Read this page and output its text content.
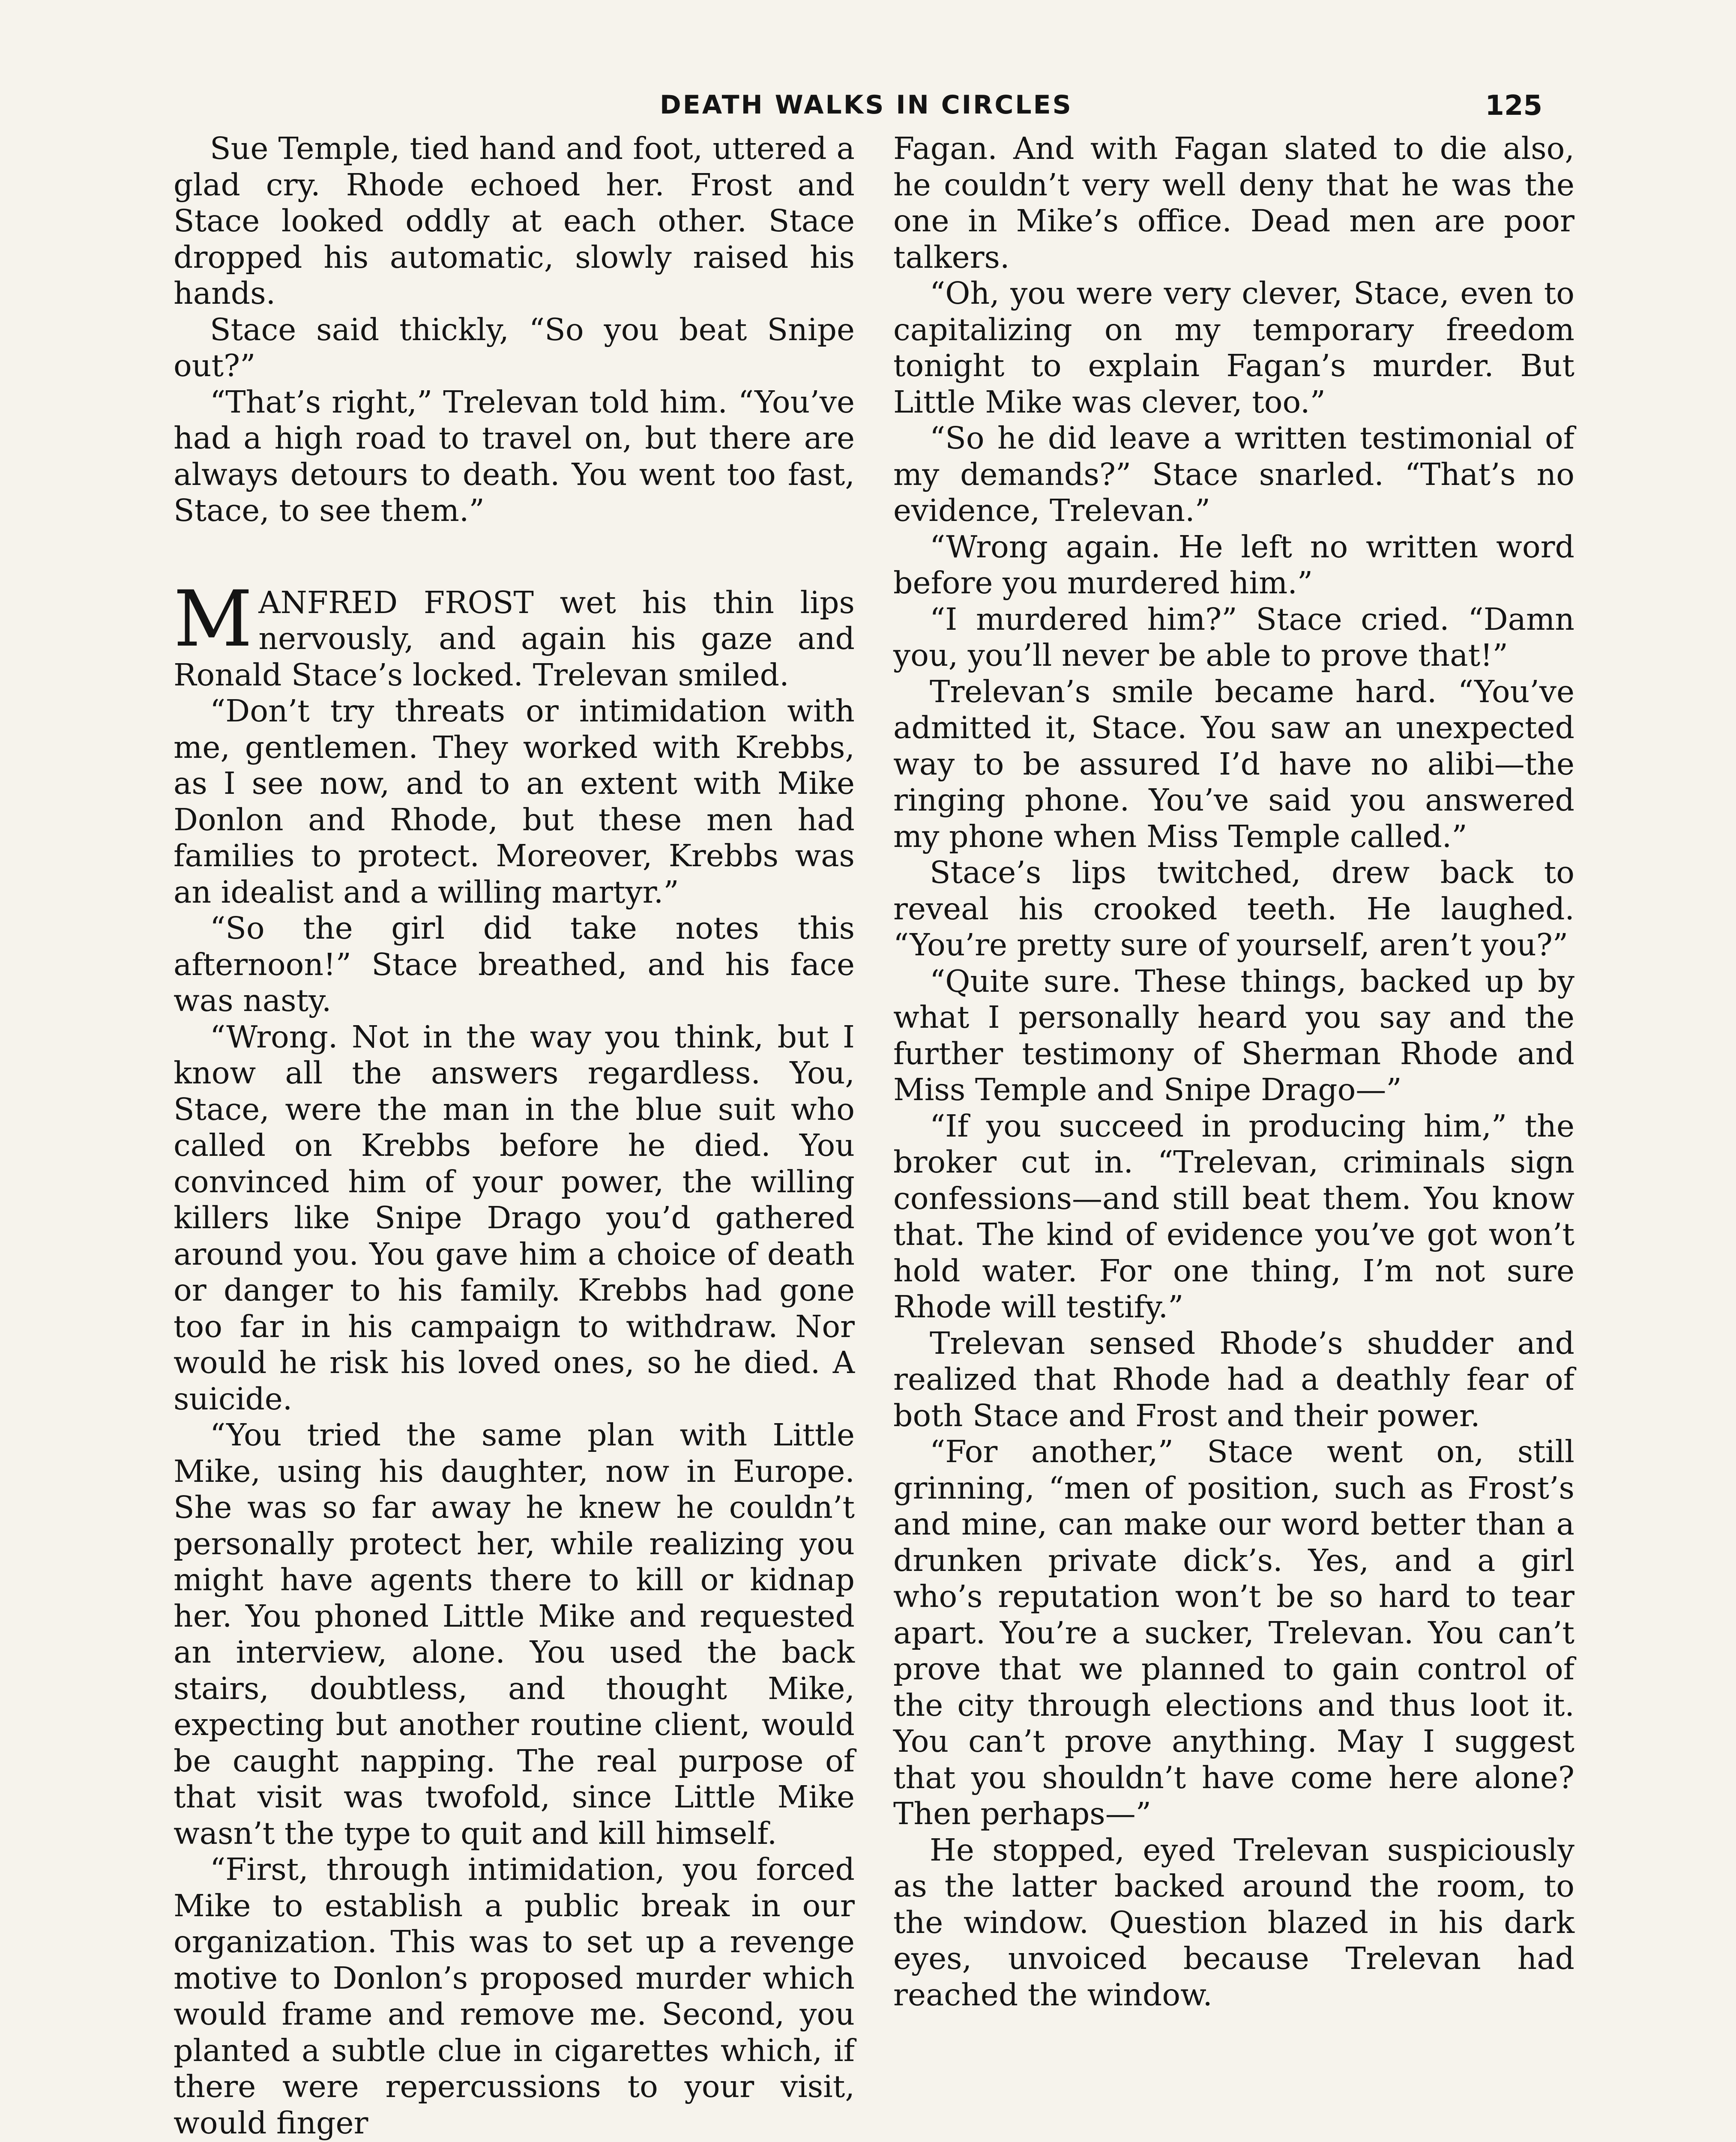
DEATH WALKS IN CIRCLES	125

Sue Temple, tied hand and foot, uttered a glad cry. Rhode echoed her. Frost and Stace looked oddly at each other. Stace dropped his automatic, slowly raised his hands.

Stace said thickly, “So you beat Snipe out?”

“That’s right,” Trelevan told him. “You’ve had a high road to travel on, but there are always detours to death. You went too fast, Stace, to see them.”

MANFRED FROST wet his thin lips nervously, and again his gaze and Ronald Stace’s locked. Trelevan smiled.

“Don’t try threats or intimidation with me, gentlemen. They worked with Krebbs, as I see now, and to an extent with Mike Donlon and Rhode, but these men had families to protect. Moreover, Krebbs was an idealist and a willing martyr.”

“So the girl did take notes this afternoon!” Stace breathed, and his face was nasty.

“Wrong. Not in the way you think, but I know all the answers regardless. You, Stace, were the man in the blue suit who called on Krebbs before he died. You convinced him of your power, the willing killers like Snipe Drago you’d gathered around you. You gave him a choice of death or danger to his family. Krebbs had gone too far in his campaign to withdraw. Nor would he risk his loved ones, so he died. A suicide.

“You tried the same plan with Little Mike, using his daughter, now in Europe. She was so far away he knew he couldn’t personally protect her, while realizing you might have agents there to kill or kidnap her. You phoned Little Mike and requested an interview, alone. You used the back stairs, doubtless, and thought Mike, expecting but another routine client, would be caught napping. The real purpose of that visit was twofold, since Little Mike wasn’t the type to quit and kill himself.

“First, through intimidation, you forced Mike to establish a public break in our organization. This was to set up a revenge motive to Donlon’s proposed murder which would frame and remove me. Second, you planted a subtle clue in cigarettes which, if there were repercussions to your visit, would finger

Fagan. And with Fagan slated to die also, he couldn’t very well deny that he was the one in Mike’s office. Dead men are poor talkers.

“Oh, you were very clever, Stace, even to capitalizing on my temporary freedom tonight to explain Fagan’s murder. But Little Mike was clever, too.”

“So he did leave a written testimonial of my demands?” Stace snarled. “That’s no evidence, Trelevan.”

“Wrong again. He left no written word before you murdered him.”

“I murdered him?” Stace cried. “Damn you, you’ll never be able to prove that!”

Trelevan’s smile became hard. “You’ve admitted it, Stace. You saw an unexpected way to be assured I’d have no alibi—the ringing phone. You’ve said you answered my phone when Miss Temple called.”

Stace’s lips twitched, drew back to reveal his crooked teeth. He laughed. “You’re pretty sure of yourself, aren’t you?”

“Quite sure. These things, backed up by what I personally heard you say and the further testimony of Sherman Rhode and Miss Temple and Snipe Drago—”

“If you succeed in producing him,” the broker cut in. “Trelevan, criminals sign confessions—and still beat them. You know that. The kind of evidence you’ve got won’t hold water. For one thing, I’m not sure Rhode will testify.”

Trelevan sensed Rhode’s shudder and realized that Rhode had a deathly fear of both Stace and Frost and their power.

“For another,” Stace went on, still grinning, “men of position, such as Frost’s and mine, can make our word better than a drunken private dick’s. Yes, and a girl who’s reputation won’t be so hard to tear apart. You’re a sucker, Trelevan. You can’t prove that we planned to gain control of the city through elections and thus loot it. You can’t prove anything. May I suggest that you shouldn’t have come here alone? Then perhaps—”

He stopped, eyed Trelevan suspiciously as the latter backed around the room, to the window. Question blazed in his dark eyes, unvoiced because Trelevan had reached the window.
